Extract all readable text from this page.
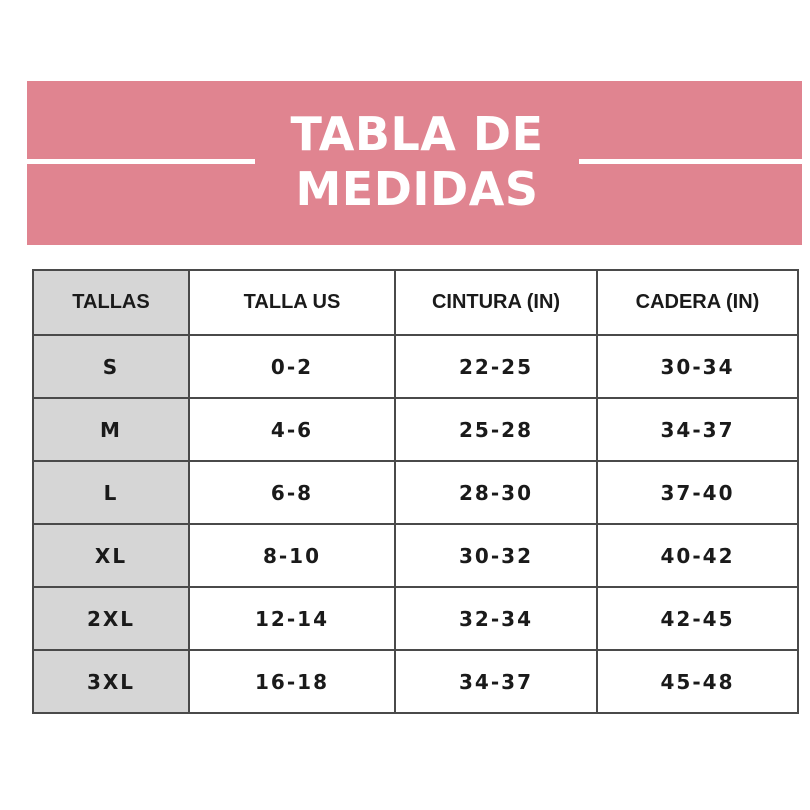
TABLA DE
MEDIDAS
TALLAS	TALLA US	CINTURA (IN)	CADERA (IN)
S	0-2	22-25	30-34
M	4-6	25-28	34-37
L	6-8	28-30	37-40
XL	8-10	30-32	40-42
2XL	12-14	32-34	42-45
3XL	16-18	34-37	45-48
